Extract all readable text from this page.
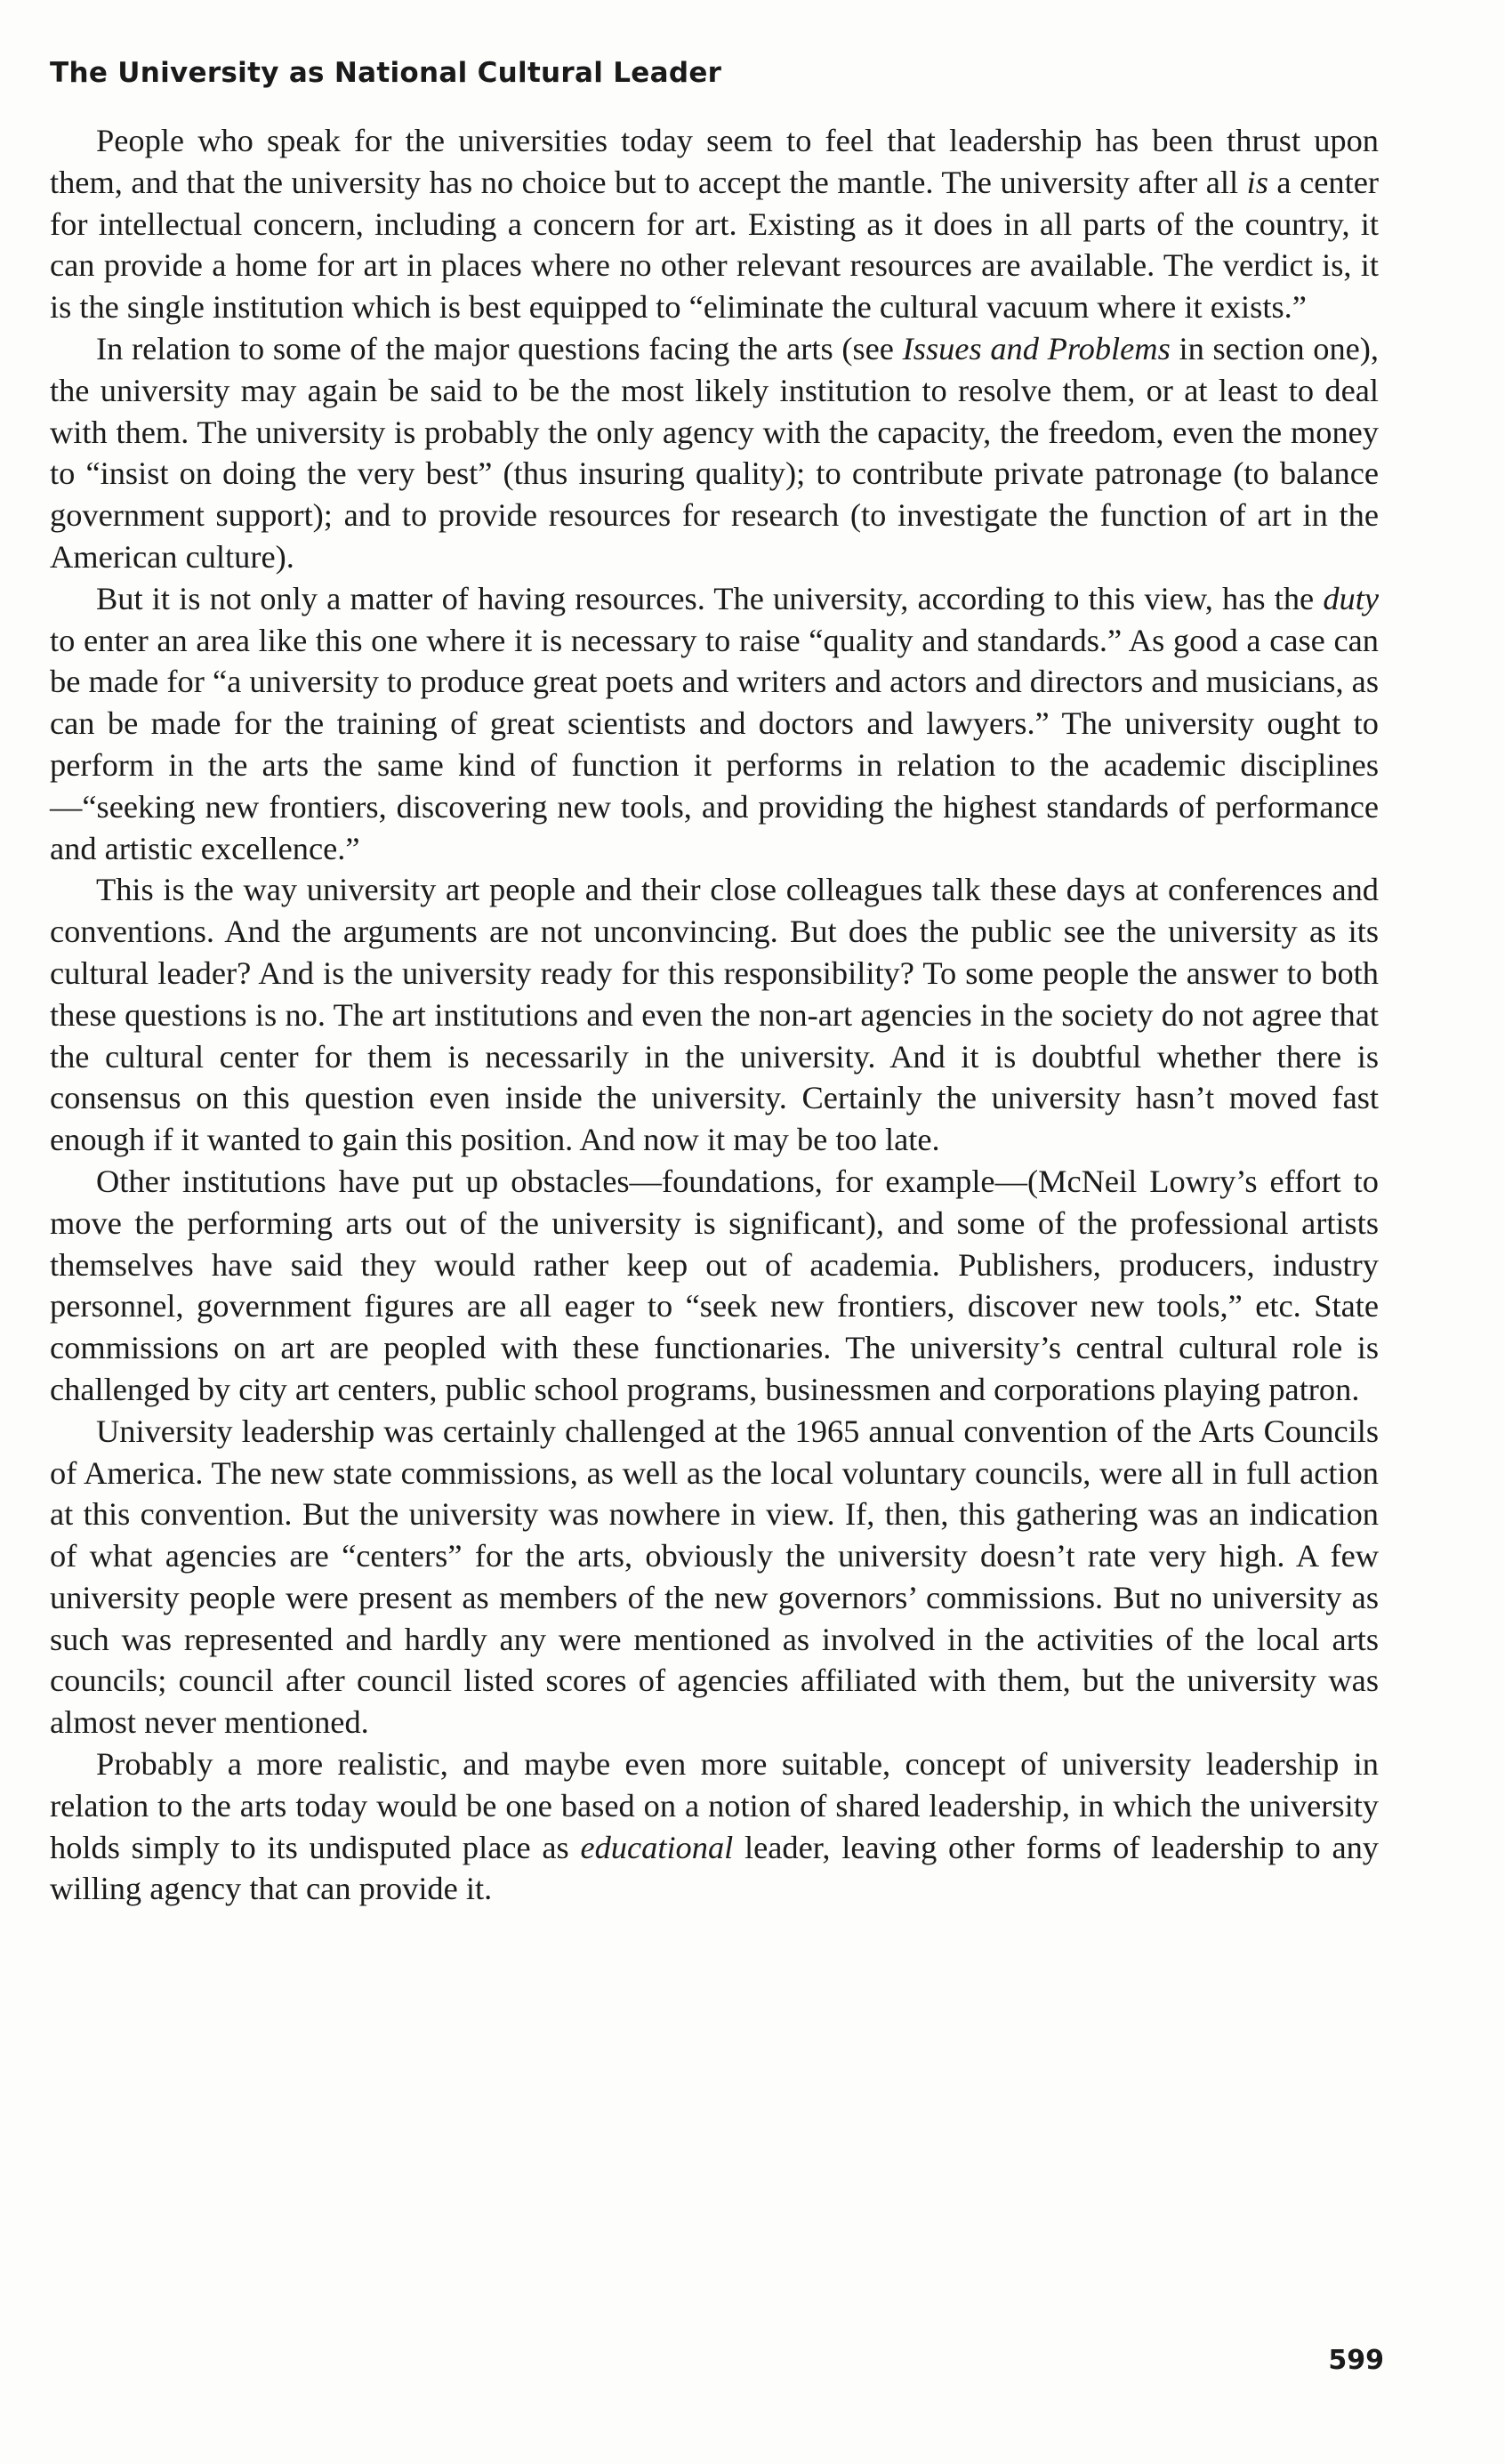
The University as National Cultural Leader

People who speak for the universities today seem to feel that leadership has been thrust upon them, and that the university has no choice but to accept the mantle. The university after all is a center for intellectual concern, including a concern for art. Existing as it does in all parts of the country, it can provide a home for art in places where no other relevant resources are available. The verdict is, it is the single institution which is best equipped to “eliminate the cultural vacuum where it exists.”

In relation to some of the major questions facing the arts (see Issues and Problems in section one), the university may again be said to be the most likely institution to resolve them, or at least to deal with them. The university is probably the only agency with the capacity, the freedom, even the money to “insist on doing the very best” (thus insuring quality); to contribute private patronage (to balance government support); and to provide resources for research (to investigate the function of art in the American culture).

But it is not only a matter of having resources. The university, according to this view, has the duty to enter an area like this one where it is necessary to raise “quality and standards.” As good a case can be made for “a university to produce great poets and writers and actors and directors and musicians, as can be made for the training of great scientists and doctors and lawyers.” The university ought to perform in the arts the same kind of function it performs in relation to the academic disciplines—“seeking new frontiers, discovering new tools, and providing the highest standards of performance and artistic excellence.”

This is the way university art people and their close colleagues talk these days at conferences and conventions. And the arguments are not unconvincing. But does the public see the university as its cultural leader? And is the university ready for this responsibility? To some people the answer to both these questions is no. The art institutions and even the non-art agencies in the society do not agree that the cultural center for them is necessarily in the university. And it is doubtful whether there is consensus on this question even inside the university. Certainly the university hasn’t moved fast enough if it wanted to gain this position. And now it may be too late.

Other institutions have put up obstacles—foundations, for example—(McNeil Lowry’s effort to move the performing arts out of the university is significant), and some of the professional artists themselves have said they would rather keep out of academia. Publishers, producers, industry personnel, government figures are all eager to “seek new frontiers, discover new tools,” etc. State commissions on art are peopled with these functionaries. The university’s central cultural role is challenged by city art centers, public school programs, businessmen and corporations playing patron.

University leadership was certainly challenged at the 1965 annual convention of the Arts Councils of America. The new state commissions, as well as the local voluntary councils, were all in full action at this convention. But the university was nowhere in view. If, then, this gathering was an indication of what agencies are “centers” for the arts, obviously the university doesn’t rate very high. A few university people were present as members of the new governors’ commissions. But no university as such was represented and hardly any were mentioned as involved in the activities of the local arts councils; council after council listed scores of agencies affiliated with them, but the university was almost never mentioned.

Probably a more realistic, and maybe even more suitable, concept of university leadership in relation to the arts today would be one based on a notion of shared leadership, in which the university holds simply to its undisputed place as educational leader, leaving other forms of leadership to any willing agency that can provide it.

599
